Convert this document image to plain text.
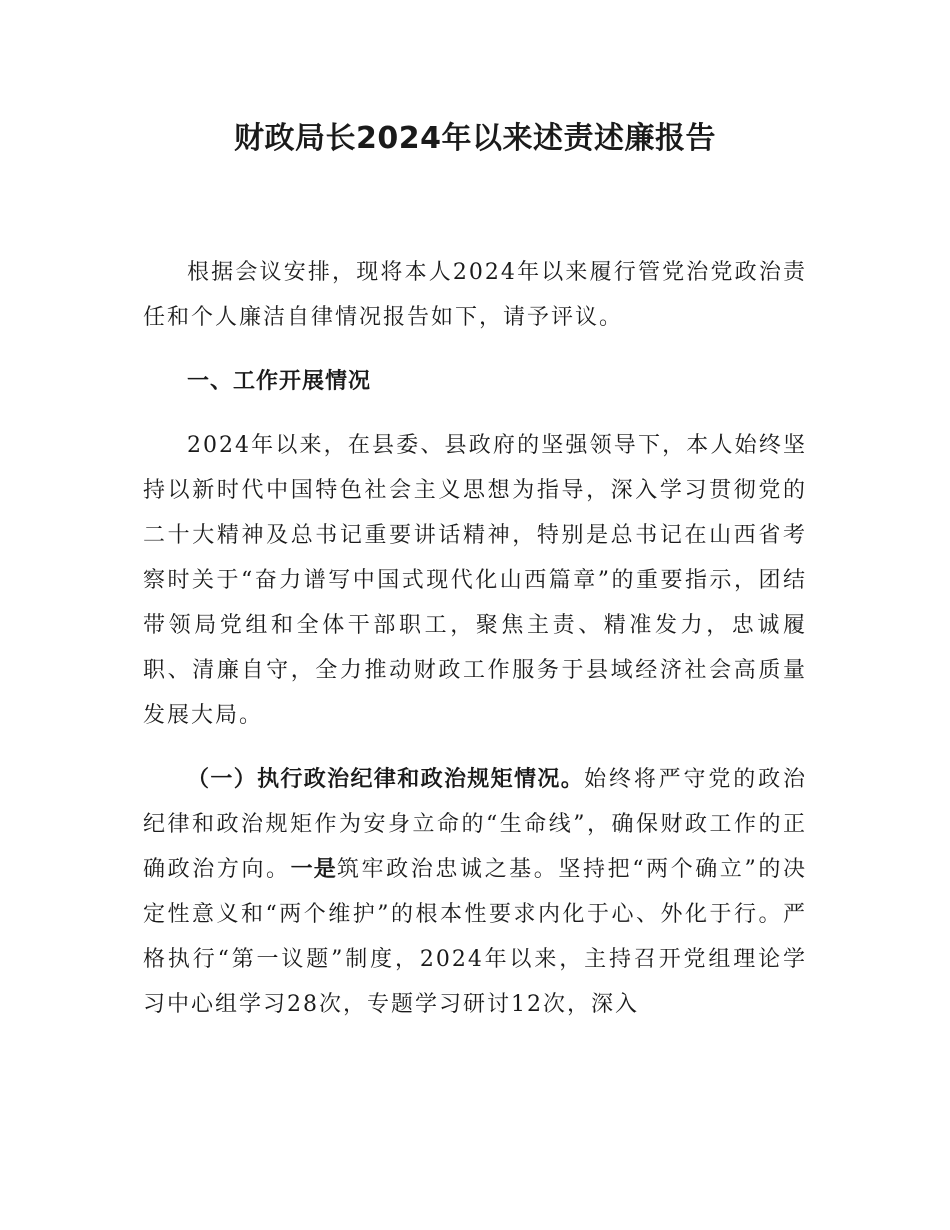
财政局长2024年以来述责述廉报告

根据会议安排，现将本人2024年以来履行管党治党政治责任和个人廉洁自律情况报告如下，请予评议。

一、工作开展情况

2024年以来，在县委、县政府的坚强领导下，本人始终坚持以新时代中国特色社会主义思想为指导，深入学习贯彻党的二十大精神及总书记重要讲话精神，特别是总书记在山西省考察时关于“奋力谱写中国式现代化山西篇章”的重要指示，团结带领局党组和全体干部职工，聚焦主责、精准发力，忠诚履职、清廉自守，全力推动财政工作服务于县域经济社会高质量发展大局。

（一）执行政治纪律和政治规矩情况。始终将严守党的政治纪律和政治规矩作为安身立命的“生命线”，确保财政工作的正确政治方向。一是筑牢政治忠诚之基。坚持把“两个确立”的决定性意义和“两个维护”的根本性要求内化于心、外化于行。严格执行“第一议题”制度，2024年以来，主持召开党组理论学习中心组学习28次，专题学习研讨12次，深入
